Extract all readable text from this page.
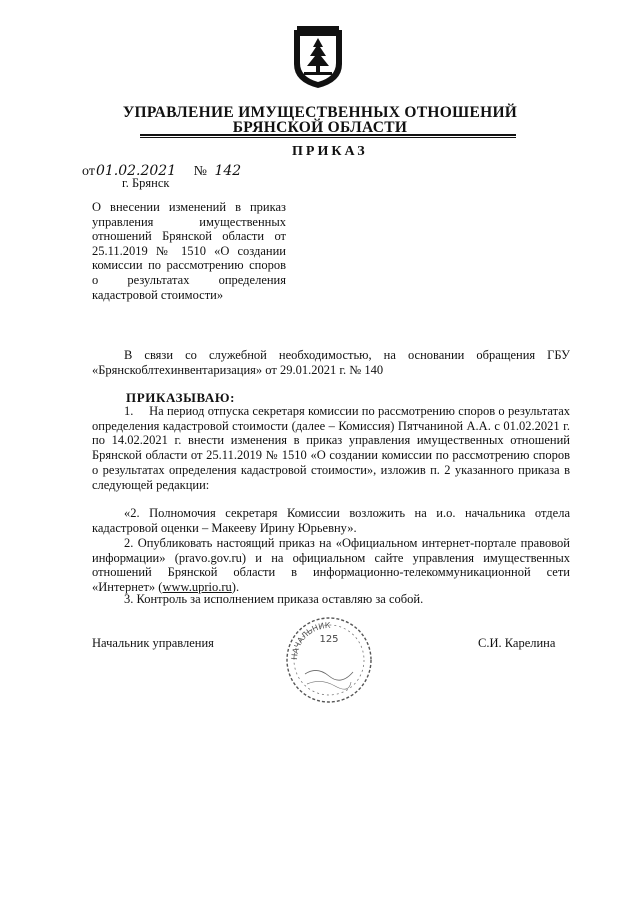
УПРАВЛЕНИЕ ИМУЩЕСТВЕННЫХ ОТНОШЕНИЙ
БРЯНСКОЙ ОБЛАСТИ
ПРИКАЗ
от01.02.2021 № 142
г. Брянск
О внесении изменений в приказ управления имущественных отношений Брянской области от 25.11.2019 № 1510 «О создании комиссии по рассмотрению споров о результатах определения кадастровой стоимости»
В связи со служебной необходимостью, на основании обращения ГБУ «Брянскоблтехинвентаризация» от 29.01.2021 г. № 140
ПРИКАЗЫВАЮ:
1.  На период отпуска секретаря комиссии по рассмотрению споров о результатах определения кадастровой стоимости (далее – Комиссия) Пятчаниной А.А. с 01.02.2021 г. по 14.02.2021 г. внести изменения в приказ управления имущественных отношений Брянской области от 25.11.2019 № 1510 «О создании комиссии по рассмотрению споров о результатах определения кадастровой стоимости», изложив п. 2 указанного приказа в следующей редакции:
«2. Полномочия секретаря Комиссии возложить на и.о. начальника отдела кадастровой оценки – Макееву Ирину Юрьевну».
2. Опубликовать настоящий приказ на «Официальном интернет-портале правовой информации» (pravo.gov.ru) и на официальном сайте управления имущественных отношений Брянской области в информационно-телекоммуникационной сети «Интернет» (www.uprio.ru).
3. Контроль за исполнением приказа оставляю за собой.
Начальник управления	С.И. Карелина
НАЧАЛЬНИК
125
